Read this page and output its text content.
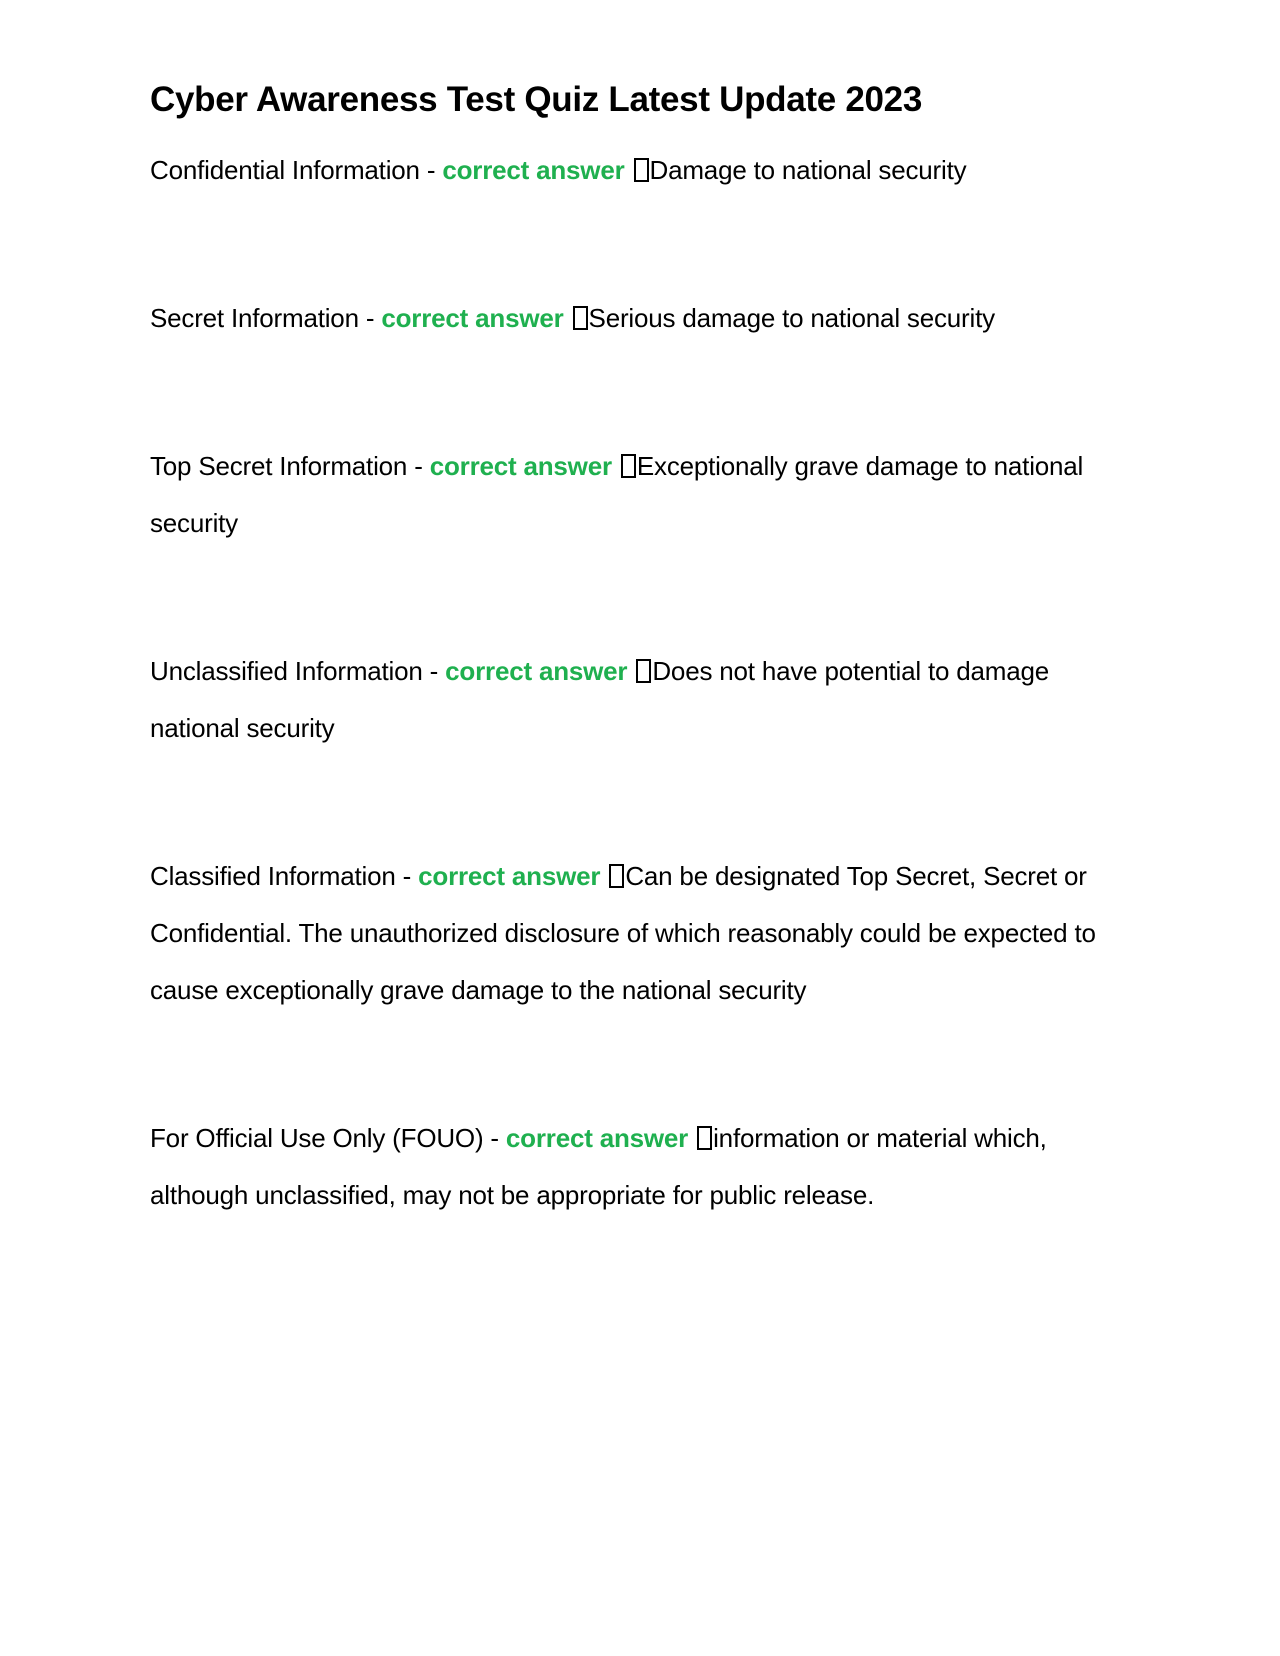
Cyber Awareness Test Quiz Latest Update 2023

Confidential Information - correct answer Damage to national security

Secret Information - correct answer Serious damage to national security

Top Secret Information - correct answer Exceptionally grave damage to national security

Unclassified Information - correct answer Does not have potential to damage national security

Classified Information - correct answer Can be designated Top Secret, Secret or Confidential. The unauthorized disclosure of which reasonably could be expected to cause exceptionally grave damage to the national security

For Official Use Only (FOUO) - correct answer information or material which, although unclassified, may not be appropriate for public release.
